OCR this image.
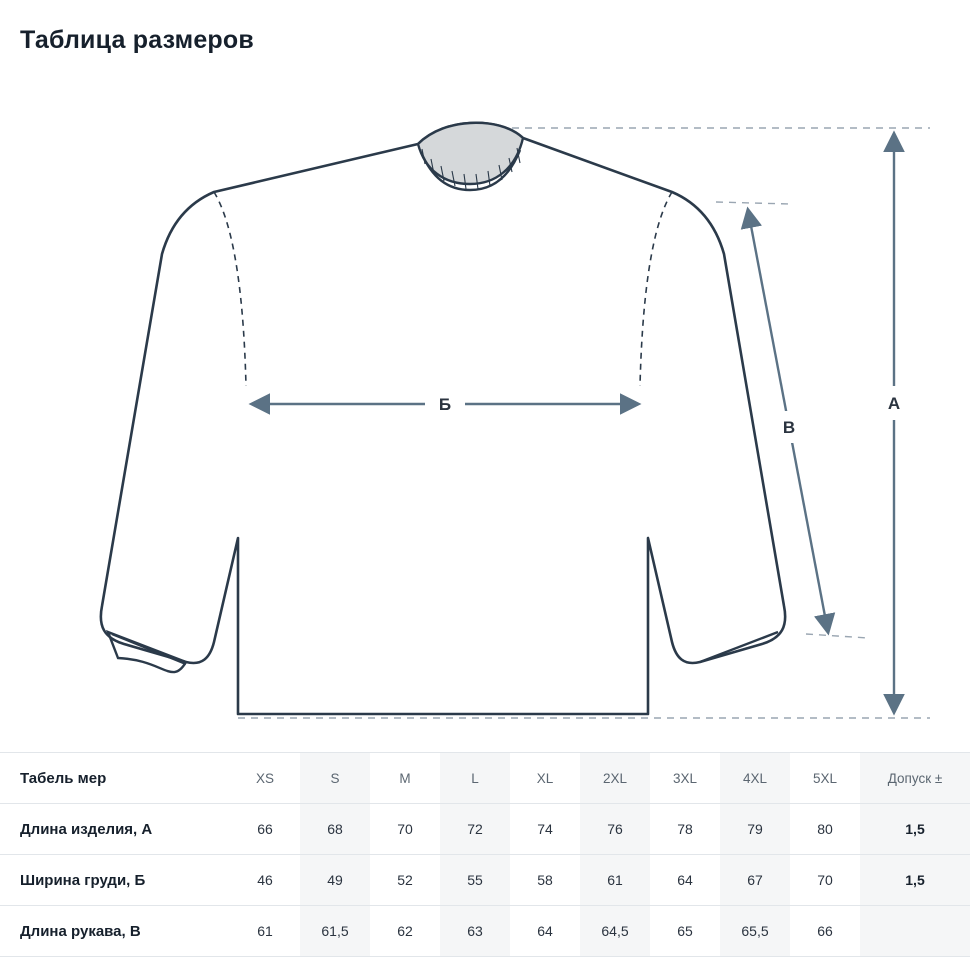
Таблица размеров
А
Б
В
Табель мер	XS	S	M	L	XL	2XL	3XL	4XL	5XL	Допуск ±
Длина изделия, А	66	68	70	72	74	76	78	79	80	1,5
Ширина груди, Б	46	49	52	55	58	61	64	67	70	1,5
Длина рукава, В	61	61,5	62	63	64	64,5	65	65,5	66	
